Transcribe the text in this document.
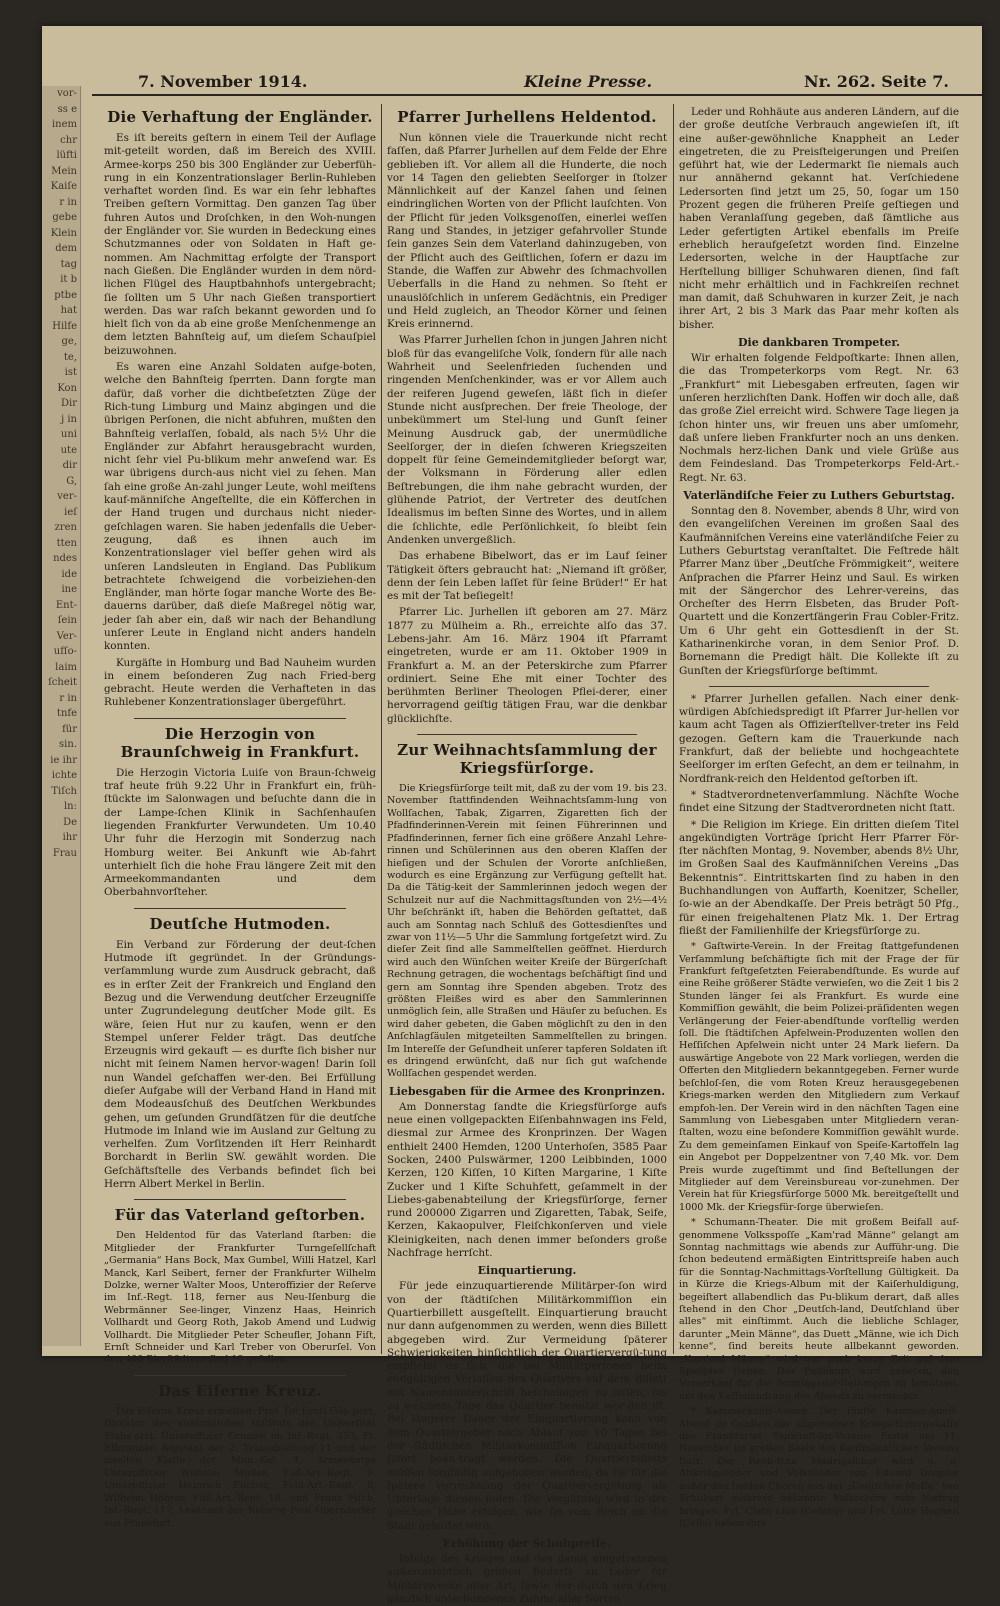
vor-
ss e
inem
chr
lüfti
Mein
Kaiſe
r in
gebe
Klein
dem
tag
it b
ptbe
hat
Hilfe
ge,
te,
ist
Kon
Dir
j in
uni
ute
dir
G,
ver-
ieſ
zren
tten
ndes
ide
ine
Ent-
ſein
Ver-
ufſo-
laim
ſcheit
r in
tnfe
für
sin.
ie ihr
ichte
Tiſch
ln:
De
ihr
Frau
7. November 1914.	Kleine Presse.	Nr. 262. Seite 7.
Die Verhaftung der Engländer.

Es iſt bereits geſtern in einem Teil der Auflage mit-geteilt worden, daß im Bereich des XVIII. Armee-korps 250 bis 300 Engländer zur Ueberfüh-rung in ein Konzentrationslager Berlin-Ruhleben verhaftet worden ſind. Es war ein ſehr lebhaftes Treiben geſtern Vormittag. Den ganzen Tag über fuhren Autos und Droſchken, in den Woh-nungen der Engländer vor. Sie wurden in Bedeckung eines Schutzmannes oder von Soldaten in Haft ge-nommen. Am Nachmittag erfolgte der Transport nach Gießen. Die Engländer wurden in dem nörd-lichen Flügel des Hauptbahnhofs untergebracht; ſie ſollten um 5 Uhr nach Gießen transportiert werden. Das war raſch bekannt geworden und ſo hielt ſich von da ab eine große Menſchenmenge an dem letzten Bahnſteig auf, um dieſem Schauſpiel beizuwohnen.

Es waren eine Anzahl Soldaten aufge-boten, welche den Bahnſteig ſperrten. Dann forgte man dafür, daß vorher die dichtbeſetzten Züge der Rich-tung Limburg und Mainz abgingen und die übrigen Perſonen, die nicht abfuhren, mußten den Bahnſteig verlaſſen, ſobald, als nach 5½ Uhr die Engländer zur Abfahrt herausgebracht wurden, nicht ſehr viel Pu-blikum mehr anweſend war. Es war übrigens durch-aus nicht viel zu ſehen. Man ſah eine große An-zahl junger Leute, wohl meiſtens kauf-männiſche Angeſtellte, die ein Köfferchen in der Hand trugen und durchaus nicht nieder-geſchlagen waren. Sie haben jedenfalls die Ueber-zeugung, daß es ihnen auch im Konzentrationslager viel beſſer gehen wird als unſeren Landsleuten in England. Das Publikum betrachtete ſchweigend die vorbeiziehen-den Engländer, man hörte ſogar manche Worte des Be-dauerns darüber, daß dieſe Maßregel nötig war, jeder ſah aber ein, daß wir nach der Behandlung unſerer Leute in England nicht anders handeln konnten.

Kurgäſte in Homburg und Bad Nauheim wurden in einem beſonderen Zug nach Fried-berg gebracht. Heute werden die Verhafteten in das Ruhlebener Konzentrationslager übergeführt.

Die Herzogin von Braunſchweig in Frankfurt.

Die Herzogin Victoria Luiſe von Braun-ſchweig traf heute früh 9.22 Uhr in Frankfurt ein, früh-ſtückte im Salonwagen und beſuchte dann die in der Lampe-ſchen Klinik in Sachſenhauſen liegenden Frankfurter Verwundeten. Um 10.40 Uhr fuhr die Herzogin mit Sonderzug nach Homburg weiter. Bei Ankunft wie Ab-fahrt unterhielt ſich die hohe Frau längere Zeit mit den Armeekommandanten und dem Oberbahnvorſteher.

Deutſche Hutmoden.

Ein Verband zur Förderung der deut-ſchen Hutmode iſt gegründet. In der Gründungs-verſammlung wurde zum Ausdruck gebracht, daß es in erſter Zeit der Frankreich und England den Bezug und die Verwendung deutſcher Erzeugniſſe unter Zugrundelegung deutſcher Mode gilt. Es wäre, ſeien Hut nur zu kaufen, wenn er den Stempel unſerer Felder trägt. Das deutſche Erzeugnis wird gekauft — es durfte ſich bisher nur nicht mit ſeinem Namen hervor-wagen! Darin ſoll nun Wandel geſchaffen wer-den. Bei Erfüllung dieſer Aufgabe will der Verband Hand in Hand mit dem Modeausſchuß des Deutſchen Werkbundes gehen, um geſunden Grundſätzen für die deutſche Hutmode im Inland wie im Ausland zur Geltung zu verhelfen. Zum Vorſitzenden iſt Herr Reinhardt Borchardt in Berlin SW. gewählt worden. Die Geſchäftsſtelle des Verbands befindet ſich bei Herrn Albert Merkel in Berlin.

Für das Vaterland geſtorben.

Den Heldentod für das Vaterland ſtarben: die Mitglieder der Frankfurter Turngeſellſchaft „Germania“ Hans Bock, Max Gumbel, Willi Hatzel, Karl Manck, Karl Seibert, ferner der Frankfurter Wilhelm Dolzke, werner Walter Moos, Unteroffizier der Reſerve im Inf.-Regt. 118, ferner aus Neu-Iſenburg die Webrmänner See-linger, Vinzenz Haas, Heinrich Vollhardt und Georg Roth, Jakob Amend und Ludwig Vollhardt. Die Mitglieder Peter Scheufler, Johann Fiſt, Ernſt Schneider und Karl Treber von Oberurſel. Von den 400 Bierſtädtern ſind 19 gefallen.

Das Eiſerne Kreuz.

Das Eiſerne Kreuz erhielten: Prof. Dr. Ernſt Göp-pert, Direktor des anatomiſchen Inſtituts der Univerſität Stabs-arzt, Unteroffizier Grunow im Inf.-Regt. 253, Fr. Ellmanner, Adjutant der 2. Trainabteilung 11 und der zweiten Klaſſe der Mun.-Kol. 4, Armeekorps Unteroffizier Wilhelm Müller, Fuß-Art.-Regt. 9, Unteroffizier Heinrich Fiſcher, Feld-Art.-Regt. 8, Wilhelm Höhrer, Fuß-Art.-Regt. 18, und Franz Fiſch, Inf.-Regt. 117, Leutnant der Reſerve Paul Oberndorfer aus Frankfurt.

Pfarrer Jurhellens Heldentod.

Nun können viele die Trauerkunde nicht recht faſſen, daß Pfarrer Jurhellen auf dem Felde der Ehre geblieben iſt. Vor allem all die Hunderte, die noch vor 14 Tagen den geliebten Seelſorger in ſtolzer Männlichkeit auf der Kanzel ſahen und ſeinen eindringlichen Worten von der Pflicht lauſchten. Von der Pflicht für jeden Volksgenoſſen, einerlei weſſen Rang und Standes, in jetziger gefahrvoller Stunde ſein ganzes Sein dem Vaterland dahinzugeben, von der Pflicht auch des Geiſtlichen, ſofern er dazu im Stande, die Waffen zur Abwehr des ſchmachvollen Ueberfalls in die Hand zu nehmen. So ſteht er unauslöſchlich in unſerem Gedächtnis, ein Prediger und Held zugleich, an Theodor Körner und ſeinen Kreis erinnernd.

Was Pfarrer Jurhellen ſchon in jungen Jahren nicht bloß für das evangeliſche Volk, ſondern für alle nach Wahrheit und Seelenfrieden ſuchenden und ringenden Menſchenkinder, was er vor Allem auch der reiferen Jugend geweſen, läßt ſich in dieſer Stunde nicht ausſprechen. Der freie Theologe, der unbekümmert um Stel-lung und Gunſt ſeiner Meinung Ausdruck gab, der unermüdliche Seelſorger, der in dieſen ſchweren Kriegszeiten doppelt für ſeine Gemeindemitglieder beſorgt war, der Volksmann in Förderung aller edlen Beſtrebungen, die ihm nahe gebracht wurden, der glühende Patriot, der Vertreter des deutſchen Idealismus im beſten Sinne des Wortes, und in allem die ſchlichte, edle Perſönlichkeit, ſo bleibt ſein Andenken unvergeßlich.

Das erhabene Bibelwort, das er im Lauf ſeiner Tätigkeit öfters gebraucht hat: „Niemand iſt größer, denn der ſein Leben laſſet für ſeine Brüder!“ Er hat es mit der Tat beſiegelt!

Pfarrer Lic. Jurhellen iſt geboren am 27. März 1877 zu Mülheim a. Rh., erreichte alſo das 37. Lebens-jahr. Am 16. März 1904 iſt Pfarramt eingetreten, wurde er am 11. Oktober 1909 in Frankfurt a. M. an der Peterskirche zum Pfarrer ordiniert. Seine Ehe mit einer Tochter des berühmten Berliner Theologen Pflei-derer, einer hervorragend geiſtig tätigen Frau, war die denkbar glücklichſte.

Zur Weihnachtsſammlung der Kriegsfürſorge.

Die Kriegsfürſorge teilt mit, daß zu der vom 19. bis 23. November ſtattfindenden Weihnachtsſamm-lung von Wollſachen, Tabak, Zigarren, Zigaretten ſich der Pfadfinderinnen-Verein mit ſeinen Führerinnen und Pfadfinderinnen, ferner ſich eine größere Anzahl Lehre-rinnen und Schülerinnen aus den oberen Klaſſen der hieſigen und der Schulen der Vororte anſchließen, wodurch es eine Ergänzung zur Verfügung geſtellt hat. Da die Tätig-keit der Sammlerinnen jedoch wegen der Schulzeit nur auf die Nachmittagsſtunden von 2½—4½ Uhr beſchränkt iſt, haben die Behörden geſtattet, daß auch am Sonntag nach Schluß des Gottesdienſtes und zwar von 11½—5 Uhr die Sammlung fortgeſetzt wird. Zu dieſer Zeit ſind alle Sammelſtellen geöffnet. Hierdurch wird auch den Wünſchen weiter Kreiſe der Bürgerſchaft Rechnung getragen, die wochentags beſchäftigt ſind und gern am Sonntag ihre Spenden abgeben. Trotz des größten Fleißes wird es aber den Sammlerinnen unmöglich ſein, alle Straßen und Häuſer zu beſuchen. Es wird daher gebeten, die Gaben möglichſt zu den in den Anſchlagſäulen mitgeteilten Sammelſtellen zu bringen. Im Intereſſe der Geſundheit unſerer tapferen Soldaten iſt es dringend erwünſcht, daß nur ſich gut waſchende Wollſachen gespendet werden.

Liebesgaben für die Armee des Kronprinzen.

Am Donnerstag ſandte die Kriegsfürſorge aufs neue einen vollgepackten Eiſenbahnwagen ins Feld, diesmal zur Armee des Kronprinzen. Der Wagen enthielt 2400 Hemden, 1200 Unterhoſen, 3585 Paar Socken, 2400 Pulswärmer, 1200 Leibbinden, 1000 Kerzen, 120 Kiſſen, 10 Kiſten Margarine, 1 Kiſte Zucker und 1 Kiſte Schuhfett, geſammelt in der Liebes-gabenabteilung der Kriegsfürſorge, ferner rund 200000 Zigarren und Zigaretten, Tabak, Seife, Kerzen, Kakaopulver, Fleiſchkonſerven und viele Kleinigkeiten, nach denen immer beſonders große Nachfrage herrſcht.

Einquartierung.

Für jede einzuquartierende Militärper-ſon wird von der ſtädtiſchen Militärkommiſſion ein Quartierbillett ausgeſtellt. Einquartierung braucht nur dann aufgenommen zu werden, wenn dies Billett abgegeben wird. Zur Vermeidung ſpäterer Schwierigkeiten hinſichtlich der Quartiervergü-tung empfiehlt es ſich, die bei Militärperſonen beim endgültigen Verlaſſen des Quartiers auf dem Billett mit Namensunterſchrift beſcheinigen zu laſſen, bis zu welchem Tage das Quartier benutzt wor-den iſt. Bei längerer Dauer der Einquartierung kann von dem Quartiergeber nach Ablauf von 10 Tagen bei der ſtädtiſchen Militärkommiſſion Einquartierung ſofort bean-tragt werden. Die Quartierbilletts müſſen ſorgfältig aufgehoben werden, da ſie für die ſpätere Verrechnung der Quartiervergütung als Unterlage dienen ſollen. Die Vergütung wird in der gleichen Höhe erfolgen, wie ſie vom Reich an die Stadt geleiſtet wird.

Erhöhung der Schuhpreiſe.

Infolge des Krieges und des damit eingetretenen außerordentlich großen Bedarfs an Leder für Militärzwecke aller Art, ſowie der durch den Krieg gänzlich unterbundenen Zufuhr aller Sorten

Leder und Rohhäute aus anderen Ländern, auf die der große deutſche Verbrauch angewieſen iſt, iſt eine außer-gewöhnliche Knappheit an Leder eingetreten, die zu Preisſteigerungen und Preiſen geführt hat, wie der Ledermarkt ſie niemals auch nur annähernd gekannt hat. Verſchiedene Ledersorten ſind jetzt um 25, 50, ſogar um 150 Prozent gegen die früheren Preiſe geſtiegen und haben Veranlaſſung gegeben, daß ſämtliche aus Leder gefertigten Artikel ebenfalls im Preiſe erheblich heraufgeſetzt worden ſind. Einzelne Ledersorten, welche in der Hauptſache zur Herſtellung billiger Schuhwaren dienen, ſind faſt nicht mehr erhältlich und in Fachkreiſen rechnet man damit, daß Schuhwaren in kurzer Zeit, je nach ihrer Art, 2 bis 3 Mark das Paar mehr koſten als bisher.

Die dankbaren Trompeter.

Wir erhalten folgende Feldpoſtkarte: Ihnen allen, die das Trompeterkorps vom Regt. Nr. 63 „Frankfurt“ mit Liebesgaben erfreuten, ſagen wir unſeren herzlichſten Dank. Hoffen wir doch alle, daß das große Ziel erreicht wird. Schwere Tage liegen ja ſchon hinter uns, wir freuen uns aber umſomehr, daß unſere lieben Frankfurter noch an uns denken. Nochmals herz-lichen Dank und viele Grüße aus dem Feindesland. Das Trompeterkorps Feld-Art.-Regt. Nr. 63.

Vaterländiſche Feier zu Luthers Geburtstag.

Sonntag den 8. November, abends 8 Uhr, wird von den evangeliſchen Vereinen im großen Saal des Kaufmänniſchen Vereins eine vaterländiſche Feier zu Luthers Geburtstag veranſtaltet. Die Feſtrede hält Pfarrer Manz über „Deutſche Frömmigkeit“, weitere Anſprachen die Pfarrer Heinz und Saul. Es wirken mit der Sängerchor des Lehrer-vereins, das Orcheſter des Herrn Elsbeten, das Bruder Poſt-Quartett und die Konzertſängerin Frau Cobler-Fritz. Um 6 Uhr geht ein Gottesdienſt in der St. Katharinenkirche voran, in dem Senior Prof. D. Bornemann die Predigt hält. Die Kollekte iſt zu Gunſten der Kriegsfürſorge beſtimmt.

* Pfarrer Jurhellen gefallen. Nach einer denk-würdigen Abſchiedspredigt iſt Pfarrer Jur-hellen vor kaum acht Tagen als Offizierſtellver-treter ins Feld gezogen. Geſtern kam die Trauerkunde nach Frankfurt, daß der beliebte und hochgeachtete Seelſorger im erſten Gefecht, an dem er teilnahm, in Nordfrank-reich den Heldentod geſtorben iſt.

* Stadtverordnetenverſammlung. Nächſte Woche findet eine Sitzung der Stadtverordneten nicht ſtatt.

* Die Religion im Kriege. Ein dritten dieſem Titel angekündigten Vorträge ſpricht Herr Pfarrer För-ſter nächſten Montag, 9. November, abends 8½ Uhr, im Großen Saal des Kaufmänniſchen Vereins „Das Bekenntnis“. Eintrittskarten ſind zu haben in den Buchhandlungen von Auffarth, Koenitzer, Scheller, ſo-wie an der Abendkaſſe. Der Preis beträgt 50 Pfg., für einen freigehaltenen Platz Mk. 1. Der Ertrag fließt der Familienhilfe der Kriegsfürſorge zu.

* Gaſtwirte-Verein. In der Freitag ſtattgefundenen Verſammlung beſchäftigte ſich mit der Frage der für Frankfurt feſtgeſetzten Feierabendſtunde. Es wurde auf eine Reihe größerer Städte verwieſen, wo die Zeit 1 bis 2 Stunden länger ſei als Frankfurt. Es wurde eine Kommiſſion gewählt, die beim Polizei-präſidenten wegen Verlängerung der Feier-abendſtunde vorſtellig werden ſoll. Die ſtädtiſchen Apfelwein-Produzenten wollen den Heſſiſchen Apfelwein nicht unter 24 Mark liefern. Da auswärtige Angebote von 22 Mark vorliegen, werden die Offerten den Mitgliedern bekanntgegeben. Ferner wurde beſchloſ-ſen, die vom Roten Kreuz herausgegebenen Kriegs-marken werden den Mitgliedern zum Verkauf empfoh-len. Der Verein wird in den nächſten Tagen eine Sammlung von Liebesgaben unter Mitgliedern veran-ſtalten, wozu eine beſondere Kommiſſion gewählt wurde. Zu dem gemeinſamen Einkauf von Speiſe-Kartoffeln lag ein Angebot per Doppelzentner von 7,40 Mk. vor. Dem Preis wurde zugeſtimmt und ſind Beſtellungen der Mitglieder auf dem Vereinsbureau vor-zunehmen. Der Verein hat für Kriegsfürſorge 5000 Mk. bereitgeſtellt und 1000 Mk. der Kriegsfür-ſorge überwieſen.

* Schumann-Theater. Die mit großem Beifall auf-genommene Volksspoſſe „Kam'rad Männe“ gelangt am Sonntag nachmittags wie abends zur Aufführ-ung. Die ſchon bedeutend ermäßigten Eintrittspreiſe haben auch für die Sonntag-Nachmittags-Vorſtellung Gültigkeit. Da in Kürze die Kriegs-Album mit der Kaiſerhuldigung, begeiſtert allabendlich das Pu-blikum derart, daß alles ſtehend in den Chor „Deutſch-land, Deutſchland über alles“ mit einſtimmt. Auch die liebliche Schlager, darunter „Mein Männe“, das Duett „Männe, wie ich Dich kenne“, ſind bereits heute allbekannt geworden. „Kam'rad Männe“ wird nur noch kurze Zeit auf dem Spielplan ſtehen. Das Publikum wird gebeten, den Vorverkauf für die Sonntagsvor-ſtellungen zu benutzen, um den Kaſſenandrang des Abends zu vermeiden.

* Kammerkunſt-Abend. Der fünfte Kammer-kunſt-Abend zu Gunſten der allgemeinen Kriegs-fürſorgekaſſe des Frankfurter Tonkünſt-ler-Vereins findet am 11. November im großen Saale des Kaufmänniſchen Vereins ſtatt. Der Reeb-ſche Madrigalchor wird u. a. Altkriegslieder und Volkslieder von Eduard Doepfer außer den beiden Chören aus der „Deutſchen Meſſe“ von Schubert mehrere bekannte Volkschöre zum Vortrag bringen. Frl. Clara Lion (Geſang) und Frl. Lotte Hegheſi (Cello) haben ihre
